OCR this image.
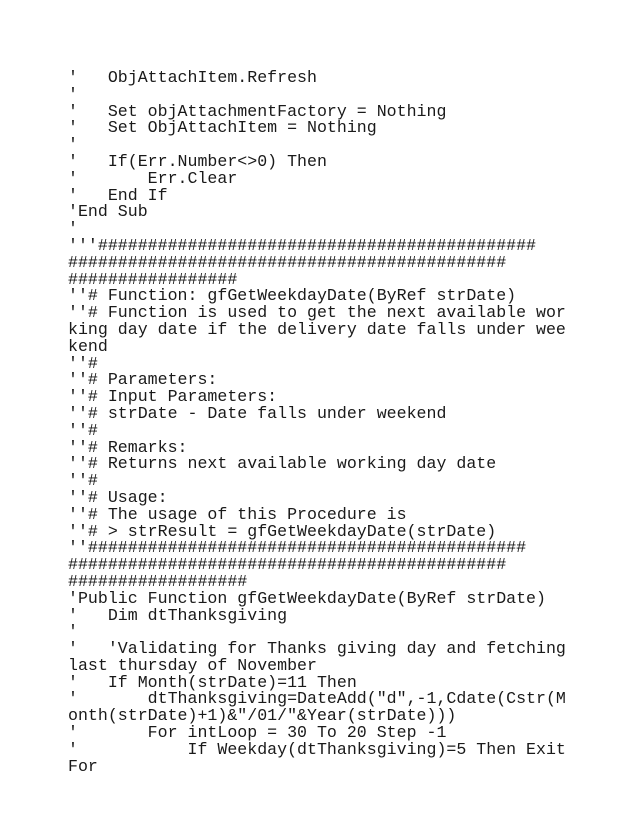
'   ObjAttachItem.Refresh
'
'   Set objAttachmentFactory = Nothing
'   Set ObjAttachItem = Nothing
'
'   If(Err.Number<>0) Then
'       Err.Clear
'   End If
'End Sub
'
'''############################################
############################################
#################
''# Function: gfGetWeekdayDate(ByRef strDate)
''# Function is used to get the next available wor
king day date if the delivery date falls under wee
kend
''#
''# Parameters:
''# Input Parameters:
''# strDate - Date falls under weekend
''#
''# Remarks:
''# Returns next available working day date
''#
''# Usage:
''# The usage of this Procedure is
''# > strResult = gfGetWeekdayDate(strDate)
''############################################
############################################
##################
'Public Function gfGetWeekdayDate(ByRef strDate)
'   Dim dtThanksgiving
'
'   'Validating for Thanks giving day and fetching
last thursday of November
'   If Month(strDate)=11 Then
'       dtThanksgiving=DateAdd("d",-1,Cdate(Cstr(M
onth(strDate)+1)&"/01/"&Year(strDate)))
'       For intLoop = 30 To 20 Step -1
'           If Weekday(dtThanksgiving)=5 Then Exit
For
